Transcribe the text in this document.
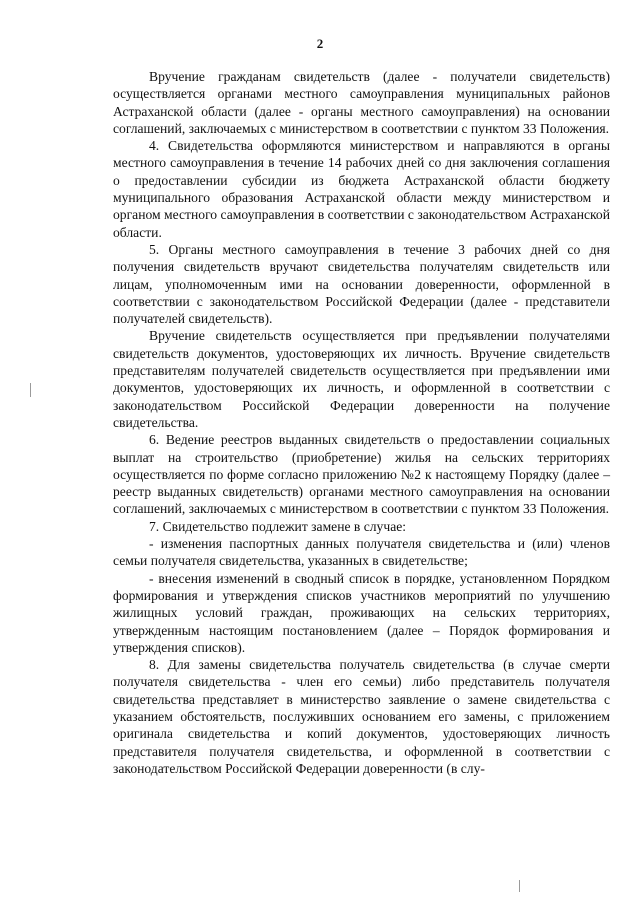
2

Вручение гражданам свидетельств (далее - получатели свидетельств) осуществляется органами местного самоуправления муниципальных районов Астраханской области (далее - органы местного самоуправления) на основании соглашений, заключаемых с министерством в соответствии с пунктом 33 Положения.

4. Свидетельства оформляются министерством и направляются в органы местного самоуправления в течение 14 рабочих дней со дня заключения соглашения о предоставлении субсидии из бюджета Астраханской области бюджету муниципального образования Астраханской области между министерством и органом местного самоуправления в соответствии с законодательством Астраханской области.

5. Органы местного самоуправления в течение 3 рабочих дней со дня получения свидетельств вручают свидетельства получателям свидетельств или лицам, уполномоченным ими на основании доверенности, оформленной в соответствии с законодательством Российской Федерации (далее - представители получателей свидетельств).

Вручение свидетельств осуществляется при предъявлении получателями свидетельств документов, удостоверяющих их личность. Вручение свидетельств представителям получателей свидетельств осуществляется при предъявлении ими документов, удостоверяющих их личность, и оформленной в соответствии с законодательством Российской Федерации доверенности на получение свидетельства.

6. Ведение реестров выданных свидетельств о предоставлении социальных выплат на строительство (приобретение) жилья на сельских территориях осуществляется по форме согласно приложению №2 к настоящему Порядку (далее – реестр выданных свидетельств) органами местного самоуправления на основании соглашений, заключаемых с министерством в соответствии с пунктом 33 Положения.

7. Свидетельство подлежит замене в случае:

- изменения паспортных данных получателя свидетельства и (или) членов семьи получателя свидетельства, указанных в свидетельстве;

- внесения изменений в сводный список в порядке, установленном Порядком формирования и утверждения списков участников мероприятий по улучшению жилищных условий граждан, проживающих на сельских территориях, утвержденным настоящим постановлением (далее – Порядок формирования и утверждения списков).

8. Для замены свидетельства получатель свидетельства (в случае смерти получателя свидетельства - член его семьи) либо представитель получателя свидетельства представляет в министерство заявление о замене свидетельства с указанием обстоятельств, послуживших основанием его замены, с приложением оригинала свидетельства и копий документов, удостоверяющих личность представителя получателя свидетельства, и оформленной в соответствии с законодательством Российской Федерации доверенности (в слу-
